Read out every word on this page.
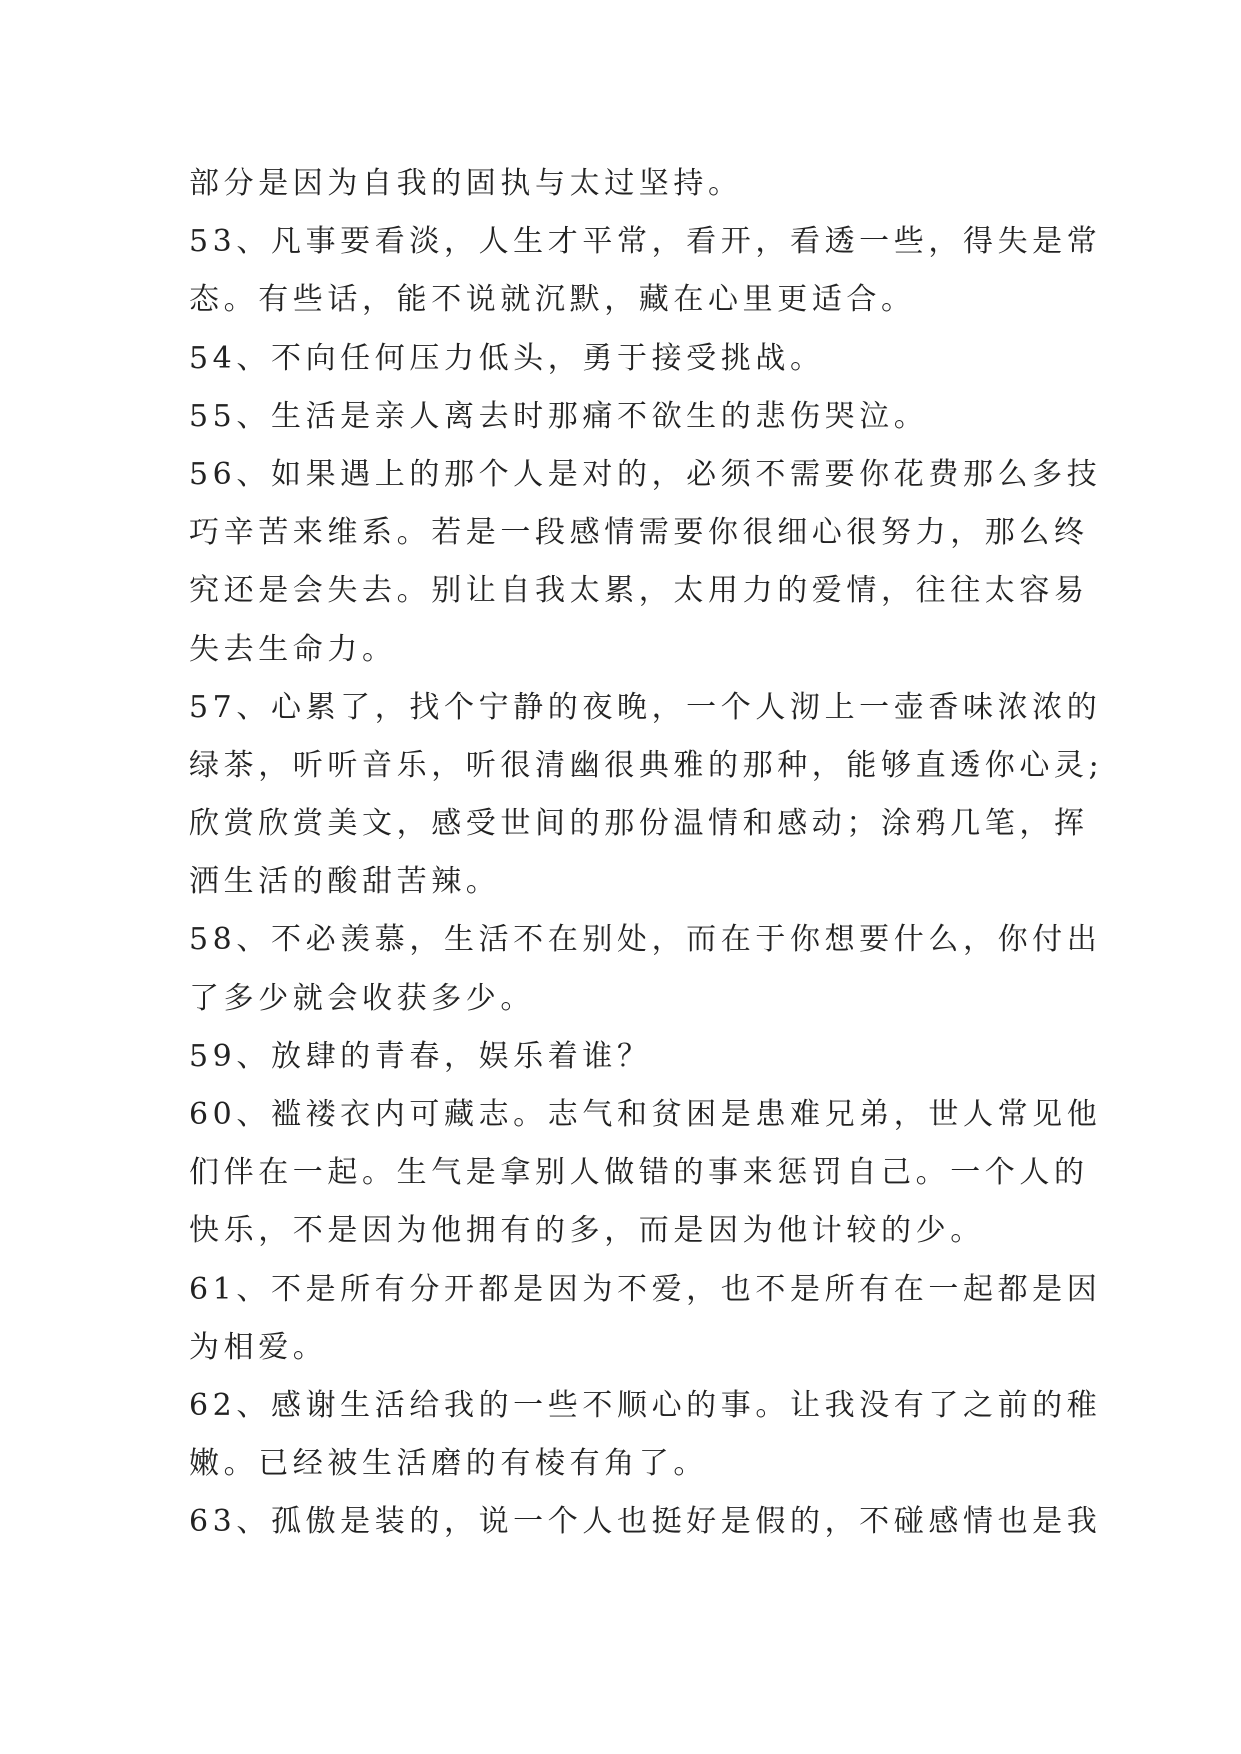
部分是因为自我的固执与太过坚持。
53、凡事要看淡，人生才平常，看开，看透一些，得失是常
态。有些话，能不说就沉默，藏在心里更适合。
54、不向任何压力低头，勇于接受挑战。
55、生活是亲人离去时那痛不欲生的悲伤哭泣。
56、如果遇上的那个人是对的，必须不需要你花费那么多技
巧辛苦来维系。若是一段感情需要你很细心很努力，那么终
究还是会失去。别让自我太累，太用力的爱情，往往太容易
失去生命力。
57、心累了，找个宁静的夜晚，一个人沏上一壶香味浓浓的
绿茶，听听音乐，听很清幽很典雅的那种，能够直透你心灵;
欣赏欣赏美文，感受世间的那份温情和感动；涂鸦几笔，挥
洒生活的酸甜苦辣。
58、不必羡慕，生活不在别处，而在于你想要什么，你付出
了多少就会收获多少。
59、放肆的青春，娱乐着谁？
60、褴褛衣内可藏志。志气和贫困是患难兄弟，世人常见他
们伴在一起。生气是拿别人做错的事来惩罚自己。一个人的
快乐，不是因为他拥有的多，而是因为他计较的少。
61、不是所有分开都是因为不爱，也不是所有在一起都是因
为相爱。
62、感谢生活给我的一些不顺心的事。让我没有了之前的稚
嫩。已经被生活磨的有棱有角了。
63、孤傲是装的，说一个人也挺好是假的，不碰感情也是我
